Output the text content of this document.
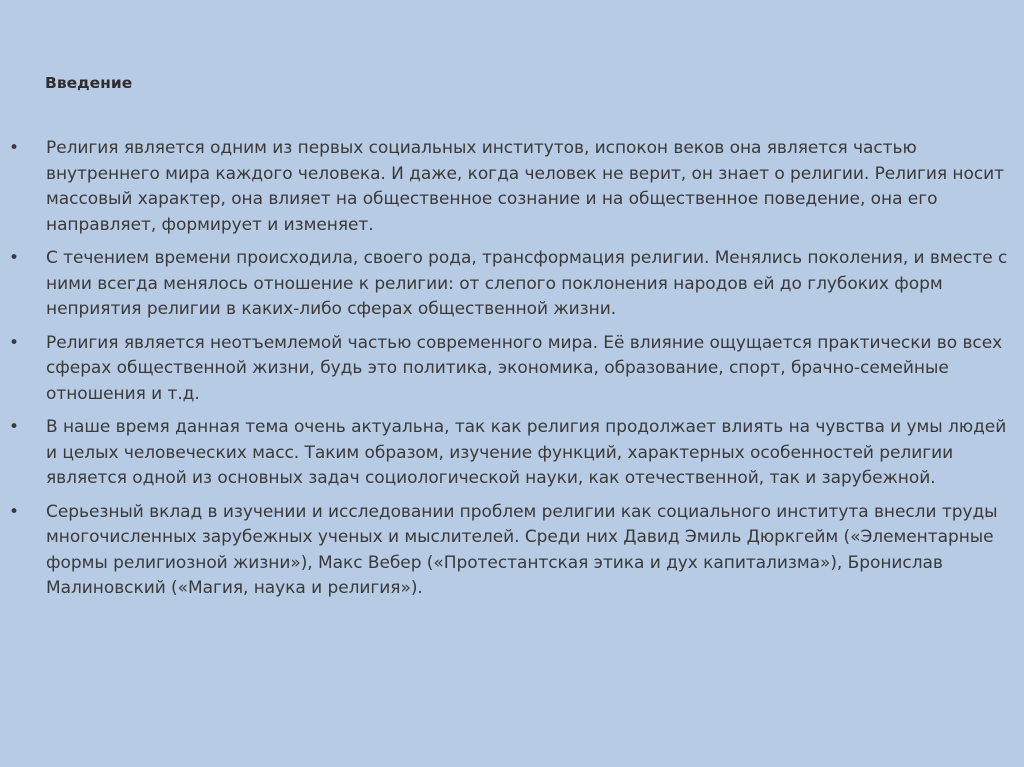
Введение
• Религия является одним из первых социальных институтов, испокон веков она является частью внутреннего мира каждого человека. И даже, когда человек не верит, он знает о религии. Религия носит массовый характер, она влияет на общественное сознание и на общественное поведение, она его направляет, формирует и изменяет.
• С течением времени происходила, своего рода, трансформация религии. Менялись поколения, и вместе с ними всегда менялось отношение к религии: от слепого поклонения народов ей до глубоких форм неприятия религии в каких-либо сферах общественной жизни.
• Религия является неотъемлемой частью современного мира. Её влияние ощущается практически во всех сферах общественной жизни, будь это политика, экономика, образование, спорт, брачно-семейные отношения и т.д.
• В наше время данная тема очень актуальна, так как религия продолжает влиять на чувства и умы людей и целых человеческих масс. Таким образом, изучение функций, характерных особенностей религии является одной из основных задач социологической науки, как отечественной, так и зарубежной.
• Серьезный вклад в изучении и исследовании проблем религии как социального института внесли труды многочисленных зарубежных ученых и мыслителей. Среди них Давид Эмиль Дюркгейм («Элементарные формы религиозной жизни»), Макс Вебер («Протестантская этика и дух капитализма»), Бронислав Малиновский («Магия, наука и религия»).
